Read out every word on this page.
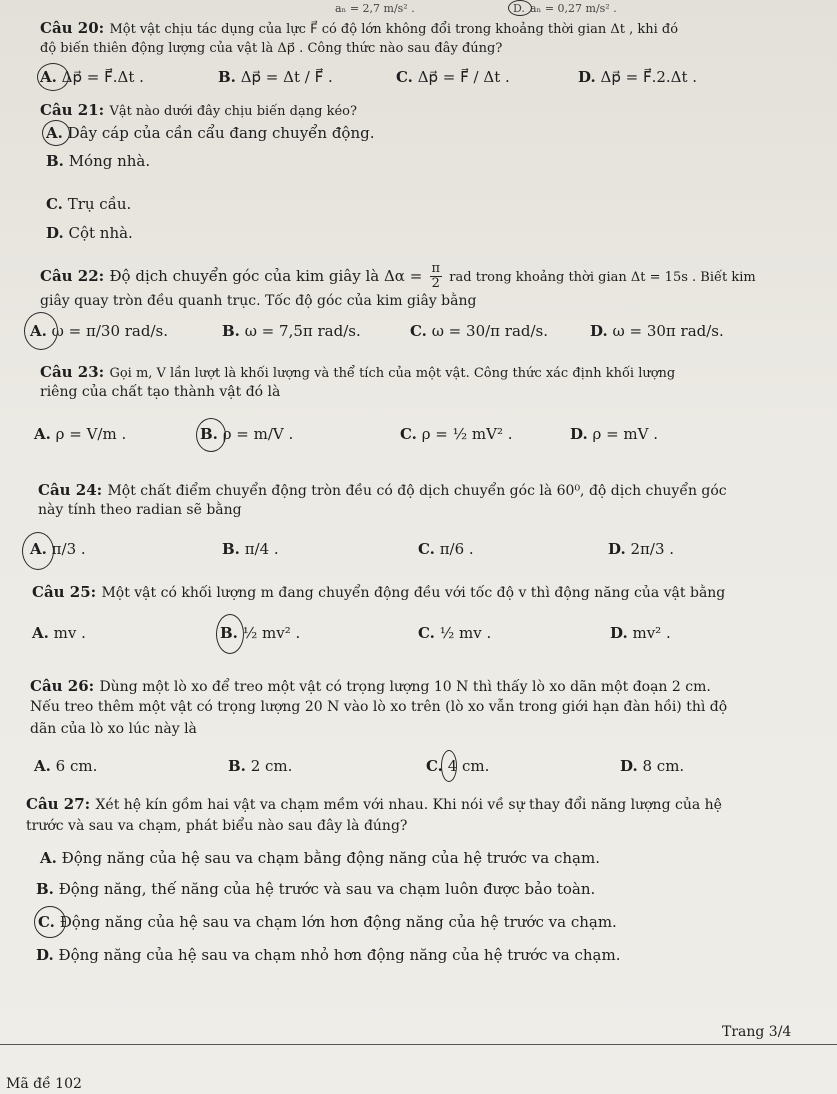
aₙ = 2,7 m/s² .	D. aₙ = 0,27 m/s² .
Câu 20: Một vật chịu tác dụng của lực F⃗ có độ lớn không đổi trong khoảng thời gian Δt , khi đó
độ biến thiên động lượng của vật là Δp⃗ . Công thức nào sau đây đúng?
A. Δp⃗ = F⃗.Δt .	B. Δp⃗ = Δt / F⃗ .	C. Δp⃗ = F⃗ / Δt .	D. Δp⃗ = F⃗.2.Δt .
Câu 21: Vật nào dưới đây chịu biến dạng kéo?
A. Dây cáp của cần cẩu đang chuyển động.
B. Móng nhà.
C. Trụ cầu.
D. Cột nhà.
Câu 22: Độ dịch chuyển góc của kim giây là $\Delta\alpha = \frac{\pi}{2}$ rad trong khoảng thời gian Δt = 15s . Biết kim
giây quay tròn đều quanh trục. Tốc độ góc của kim giây bằng
A. ω = π/30 rad/s.	B. ω = 7,5π rad/s.	C. ω = 30/π rad/s.	D. ω = 30π rad/s.
Câu 23: Gọi m, V lần lượt là khối lượng và thể tích của một vật. Công thức xác định khối lượng
riêng của chất tạo thành vật đó là
A. ρ = V/m .	B. ρ = m/V .	C. ρ = ½ mV² .	D. ρ = mV .
Câu 24: Một chất điểm chuyển động tròn đều có độ dịch chuyển góc là 60⁰, độ dịch chuyển góc
này tính theo radian sẽ bằng
A. π/3 .	B. π/4 .	C. π/6 .	D. 2π/3 .
Câu 25: Một vật có khối lượng m đang chuyển động đều với tốc độ v thì động năng của vật bằng
A. mv .	B. ½ mv² .	C. ½ mv .	D. mv² .
Câu 26: Dùng một lò xo để treo một vật có trọng lượng 10 N thì thấy lò xo dãn một đoạn 2 cm.
Nếu treo thêm một vật có trọng lượng 20 N vào lò xo trên (lò xo vẫn trong giới hạn đàn hồi) thì độ
dãn của lò xo lúc này là
A. 6 cm.	B. 2 cm.	C. 4 cm.	D. 8 cm.
Câu 27: Xét hệ kín gồm hai vật va chạm mềm với nhau. Khi nói về sự thay đổi năng lượng của hệ
trước và sau va chạm, phát biểu nào sau đây là đúng?
A. Động năng của hệ sau va chạm bằng động năng của hệ trước va chạm.
B. Động năng, thế năng của hệ trước và sau va chạm luôn được bảo toàn.
C. Động năng của hệ sau va chạm lớn hơn động năng của hệ trước va chạm.
D. Động năng của hệ sau va chạm nhỏ hơn động năng của hệ trước va chạm.
Trang 3/4
Mã đề 102
